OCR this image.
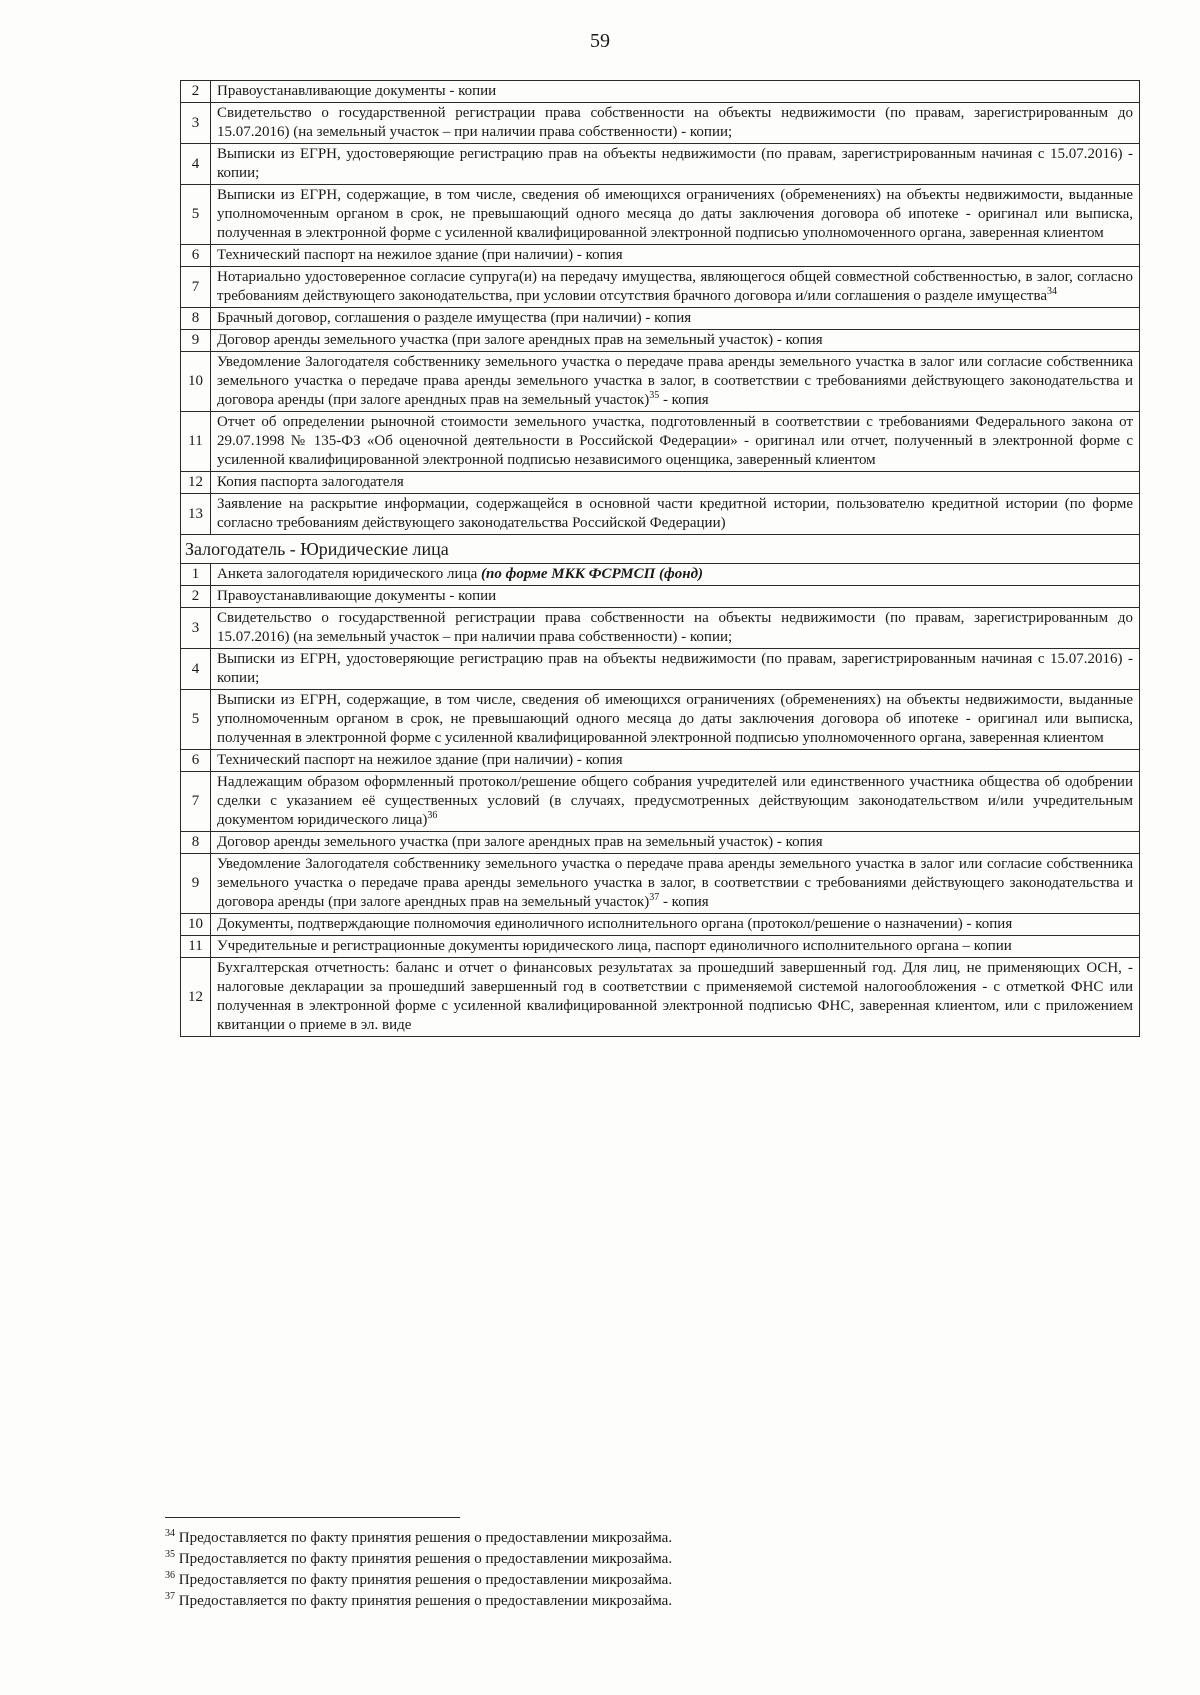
59
2	Правоустанавливающие документы - копии
3	Свидетельство о государственной регистрации права собственности на объекты недвижимости (по правам, зарегистрированным до 15.07.2016) (на земельный участок – при наличии права собственности) - копии;
4	Выписки из ЕГРН, удостоверяющие регистрацию прав на объекты недвижимости (по правам, зарегистрированным начиная с 15.07.2016) - копии;
5	Выписки из ЕГРН, содержащие, в том числе, сведения об имеющихся ограничениях (обременениях) на объекты недвижимости, выданные уполномоченным органом в срок, не превышающий одного месяца до даты заключения договора об ипотеке - оригинал или выписка, полученная в электронной форме с усиленной квалифицированной электронной подписью уполномоченного органа, заверенная клиентом
6	Технический паспорт на нежилое здание (при наличии) - копия
7	Нотариально удостоверенное согласие супруга(и) на передачу имущества, являющегося общей совместной собственностью, в залог, согласно требованиям действующего законодательства, при условии отсутствия брачного договора и/или соглашения о разделе имущества$^{34}$
8	Брачный договор, соглашения о разделе имущества (при наличии) - копия
9	Договор аренды земельного участка (при залоге арендных прав на земельный участок) - копия
10	Уведомление Залогодателя собственнику земельного участка о передаче права аренды земельного участка в залог или согласие собственника земельного участка о передаче права аренды земельного участка в залог, в соответствии с требованиями действующего законодательства и договора аренды (при залоге арендных прав на земельный участок)$^{35}$ - копия
11	Отчет об определении рыночной стоимости земельного участка, подготовленный в соответствии с требованиями Федерального закона от 29.07.1998 № 135-ФЗ «Об оценочной деятельности в Российской Федерации» - оригинал или отчет, полученный в электронной форме с усиленной квалифицированной электронной подписью независимого оценщика, заверенный клиентом
12	Копия паспорта залогодателя
13	Заявление на раскрытие информации, содержащейся в основной части кредитной истории, пользователю кредитной истории (по форме согласно требованиям действующего законодательства Российской Федерации)
Залогодатель - Юридические лица	
1	Анкета залогодателя юридического лица (по форме МКК ФСРМСП (фонд)
2	Правоустанавливающие документы - копии
3	Свидетельство о государственной регистрации права собственности на объекты недвижимости (по правам, зарегистрированным до 15.07.2016) (на земельный участок – при наличии права собственности) - копии;
4	Выписки из ЕГРН, удостоверяющие регистрацию прав на объекты недвижимости (по правам, зарегистрированным начиная с 15.07.2016) - копии;
5	Выписки из ЕГРН, содержащие, в том числе, сведения об имеющихся ограничениях (обременениях) на объекты недвижимости, выданные уполномоченным органом в срок, не превышающий одного месяца до даты заключения договора об ипотеке - оригинал или выписка, полученная в электронной форме с усиленной квалифицированной электронной подписью уполномоченного органа, заверенная клиентом
6	Технический паспорт на нежилое здание (при наличии) - копия
7	Надлежащим образом оформленный протокол/решение общего собрания учредителей или единственного участника общества об одобрении сделки с указанием её существенных условий (в случаях, предусмотренных действующим законодательством и/или учредительным документом юридического лица)$^{36}$
8	Договор аренды земельного участка (при залоге арендных прав на земельный участок) - копия
9	Уведомление Залогодателя собственнику земельного участка о передаче права аренды земельного участка в залог или согласие собственника земельного участка о передаче права аренды земельного участка в залог, в соответствии с требованиями действующего законодательства и договора аренды (при залоге арендных прав на земельный участок)$^{37}$ - копия
10	Документы, подтверждающие полномочия единоличного исполнительного органа (протокол/решение о назначении) - копия
11	Учредительные и регистрационные документы юридического лица, паспорт единоличного исполнительного органа – копии
12	Бухгалтерская отчетность: баланс и отчет о финансовых результатах за прошедший завершенный год. Для лиц, не применяющих ОСН, - налоговые декларации за прошедший завершенный год в соответствии с применяемой системой налогообложения - с отметкой ФНС или полученная в электронной форме с усиленной квалифицированной электронной подписью ФНС, заверенная клиентом, или с приложением квитанции о приеме в эл. виде
$^{34}$ Предоставляется по факту принятия решения о предоставлении микрозайма.
$^{35}$ Предоставляется по факту принятия решения о предоставлении микрозайма.
$^{36}$ Предоставляется по факту принятия решения о предоставлении микрозайма.
$^{37}$ Предоставляется по факту принятия решения о предоставлении микрозайма.
